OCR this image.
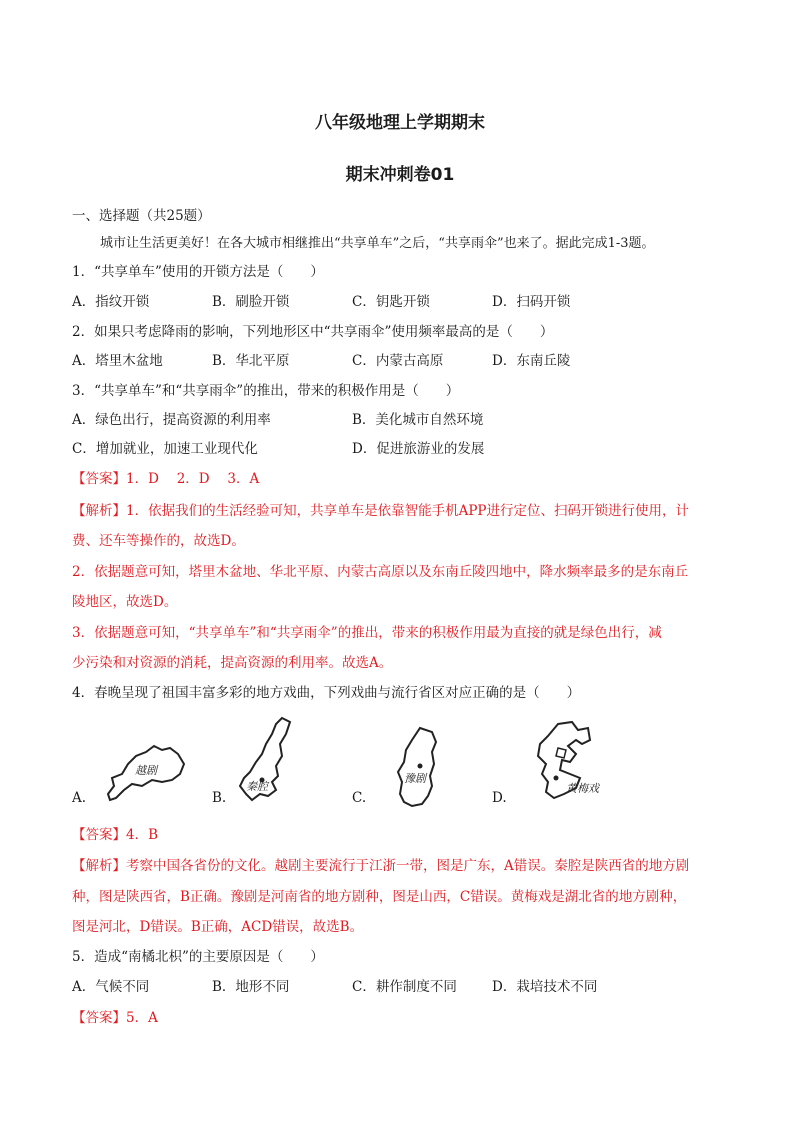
八年级地理上学期期末
期末冲刺卷01
一、选择题（共25题）
城市让生活更美好！在各大城市相继推出“共享单车”之后，“共享雨伞”也来了。据此完成1-3题。
1．“共享单车”使用的开锁方法是（　　）
A．指纹开锁	B．刷脸开锁	C．钥匙开锁	D．扫码开锁
2．如果只考虑降雨的影响，下列地形区中“共享雨伞”使用频率最高的是（　　）
A．塔里木盆地	B．华北平原	C．内蒙古高原	D．东南丘陵
3．“共享单车”和“共享雨伞”的推出，带来的积极作用是（　　）
A．绿色出行，提高资源的利用率	B．美化城市自然环境
C．增加就业，加速工业现代化	D．促进旅游业的发展
【答案】1．D　 2．D　 3．A
【解析】1．依据我们的生活经验可知，共享单车是依靠智能手机APP进行定位、扫码开锁进行使用，计
费、还车等操作的，故选D。
2．依据题意可知，塔里木盆地、华北平原、内蒙古高原以及东南丘陵四地中，降水频率最多的是东南丘
陵地区，故选D。
3．依据题意可知，“共享单车”和“共享雨伞”的推出，带来的积极作用最为直接的就是绿色出行，减
少污染和对资源的消耗，提高资源的利用率。故选A。
4．春晚呈现了祖国丰富多彩的地方戏曲，下列戏曲与流行省区对应正确的是（　　）
A.
越剧
B.
秦腔
C.
豫剧
D.
黄梅戏
【答案】4．B
【解析】考察中国各省份的文化。越剧主要流行于江浙一带，图是广东，A错误。秦腔是陕西省的地方剧
种，图是陕西省，B正确。豫剧是河南省的地方剧种，图是山西，C错误。黄梅戏是湖北省的地方剧种，
图是河北，D错误。B正确，ACD错误，故选B。
5．造成“南橘北枳”的主要原因是（　　）
A．气候不同	B．地形不同	C．耕作制度不同	D．栽培技术不同
【答案】5．A
